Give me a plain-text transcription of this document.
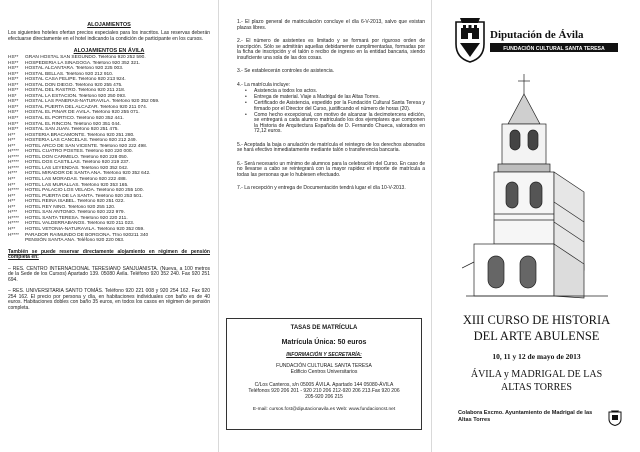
ALOJAMIENTOS

Los siguientes hoteles ofertan precios especiales para los inscritos. Las reservas deberán efectuarse directamente en el hotel indicando la condición de participante en los cursos.

ALOJAMIENTOS EN ÁVILA
HS**	GRAN HOSTAL SAN SEGUNDO. Teléfono 920 252 590.
HS**	HOSPEDERÍA LA SINAGOGA. Teléfono 920 352 321.
HS**	HOSTAL ALCÁNTARA. Teléfono 920 225 003.
HS**	HOSTAL BELLAS. Teléfono 920 212 910.
HS**	HOSTAL CASA FELIPE. Teléfono 920 213 924.
HS**	HOSTAL DON DIEGO. Teléfono 920 255 475.
HS**	HOSTAL DEL RASTRO. Teléfono 920 211 218.
HS*	HOSTAL LA ESTACIÓN. Teléfono 920 250 093.
HS**	HOSTAL LAS PANERAS-NATURÁVILA. Teléfono 920 352 059.
HS**	HOSTAL PUERTA DEL ALCÁZAR. Teléfono 920 211 074.
HS**	HOSTAL EL PINAR DE ÁVILA. Teléfono 920 255 071.
HS**	HOSTAL EL PÓRTICO. Teléfono 920 352 441.
HS**	HOSTAL EL RINCÓN. Teléfono 920 351 044.
HS**	HOSTAL SAN JUAN. Teléfono 920 251 475.
H**	HOSTERÍA BRACAMONTE. Teléfono 920 251 280.
H**	HOSTERÍA LAS CANCELAS. Teléfono 920 212 249.
H**	HOTEL ARCO DE SAN VICENTE. Teléfono 920 222 498.
H****	HOTEL CUATRO POSTES. Teléfono 920 220 000.
H****	HOTEL DON CARMELO. Teléfono 920 228 050.
H****	HOTEL DOS CASTILLAS. Teléfono 920 219 237.
H****	HOTEL LAS LEYENDAS. Teléfono 920 352 042.
H***	HOTEL MIRADOR DE SANTA ANA. Teléfono 920 352 642.
H**	HOTEL LAS MORADAS. Teléfono 920 222 488.
H**	HOTEL LAS MURALLAS. Teléfono 920 353 165.
H****	HOTEL PALACIO LOS VELADA. Teléfono 920 255 100.
H**	HOTEL PUERTA DE LA SANTA. Teléfono 920 253 501.
H**	HOTEL REINA ISABEL. Teléfono 920 251 022.
H**	HOTEL REY NIÑO. Teléfono 920 255 120.
H***	HOTEL SAN ANTONIO. Teléfono 920 222 979.
H****	HOTEL SANTA TERESA. Teléfono 920 220 211.
H****	HOTEL VALDERRÁBANOS. Teléfono 920 211 023.
H**	HOTEL VETONIA-NATURÁVILA. Teléfono 920 352 059.
H****	PARADOR RAIMUNDO DE BORGOÑA. Tfno 920211 340
PENSIÓN SANTA ANA. Teléfono 920 220 063.

También se puede reservar directamente alojamiento en régimen de pensión completa en:

– RES. CENTRO INTERNACIONAL TERESIANO SANJUANISTA. (Nueva, a 100 metros de la Sede de los Cursos) Apartado 139. 05080 Ávila. Teléfono 920 352 240. Fax 920 251 694.

– RES. UNIVERSITARIA SANTO TOMÁS. Teléfono 920 221 008 y 920 254 162. Fax 920 254 162. El precio por persona y día, en habitaciones individuales con baño es de 40 euros. Habitaciones dobles con baño 35 euros, en todos los casos en régimen de pensión completa.

1.- El plazo general de matriculación concluye el día 6-V-2013, salvo que existan plazas libres.

2.- El número de asistentes es limitado y se formará por riguroso orden de inscripción. Sólo se admitirán aquellas debidamente cumplimentadas, formadas por la ficha de inscripción y el talón o recibo de ingreso en la entidad bancaria, siendo insuficiente una sola de las dos cosas.

3.- Se establecerán controles de asistencia.

4.- La matrícula incluye:

• Asistencia a todos los actos.
• Entrega de material. Viaje a Madrigal de las Altas Torres.
• Certificado de Asistencia, expedido por la Fundación Cultural Santa Teresa y firmado por el Director del Curso, justificando el número de horas (20).
• Como hecho excepcional, con motivo de alcanzar la decimotercera edición, se entregará a cada alumno matriculado los dos ejemplares que componen la Historia de Arquitectura Española de D. Fernando Chueca, valorados en 72,12 euros.

5.- Aceptada la baja o anulación de matrícula el reintegro de los derechos abonados se hará efectivo inmediatamente mediante talón o transferencia bancaria.

6.- Será necesario un mínimo de alumnos para la celebración del Curso. En caso de no llevarse a cabo se reintegrará con la mayor rapidez el importe de matrícula a todas las personas que lo hubiesen efectuado.

7.- La recepción y entrega de Documentación tendrá lugar el día 10-V-2013.

TASAS DE MATRÍCULA
Matrícula Única: 50 euros
INFORMACIÓN Y SECRETARÍA:
FUNDACIÓN CULTURAL SANTA TERESA
Edificio Centros Universitarios
C/Los Canteros, s/n 05005 ÁVILA. Apartado 144 05080-ÁVILA
Teléfonos 920 206 201 - 920 210 206 212-920 206 213.Fax 920 206
205-920 206 215
E-mail: cursos.fcst@diputacionavila.es Web: www.fundacioncst.net
Diputación de Ávila
FUNDACIÓN CULTURAL SANTA TERESA
XIII CURSO DE HISTORIA
DEL ARTE ABULENSE
10, 11 y 12 de mayo de 2013
ÁVILA y MADRIGAL DE LAS
ALTAS TORRES
Colabora Excmo. Ayuntamiento de Madrigal de las Altas Torres
